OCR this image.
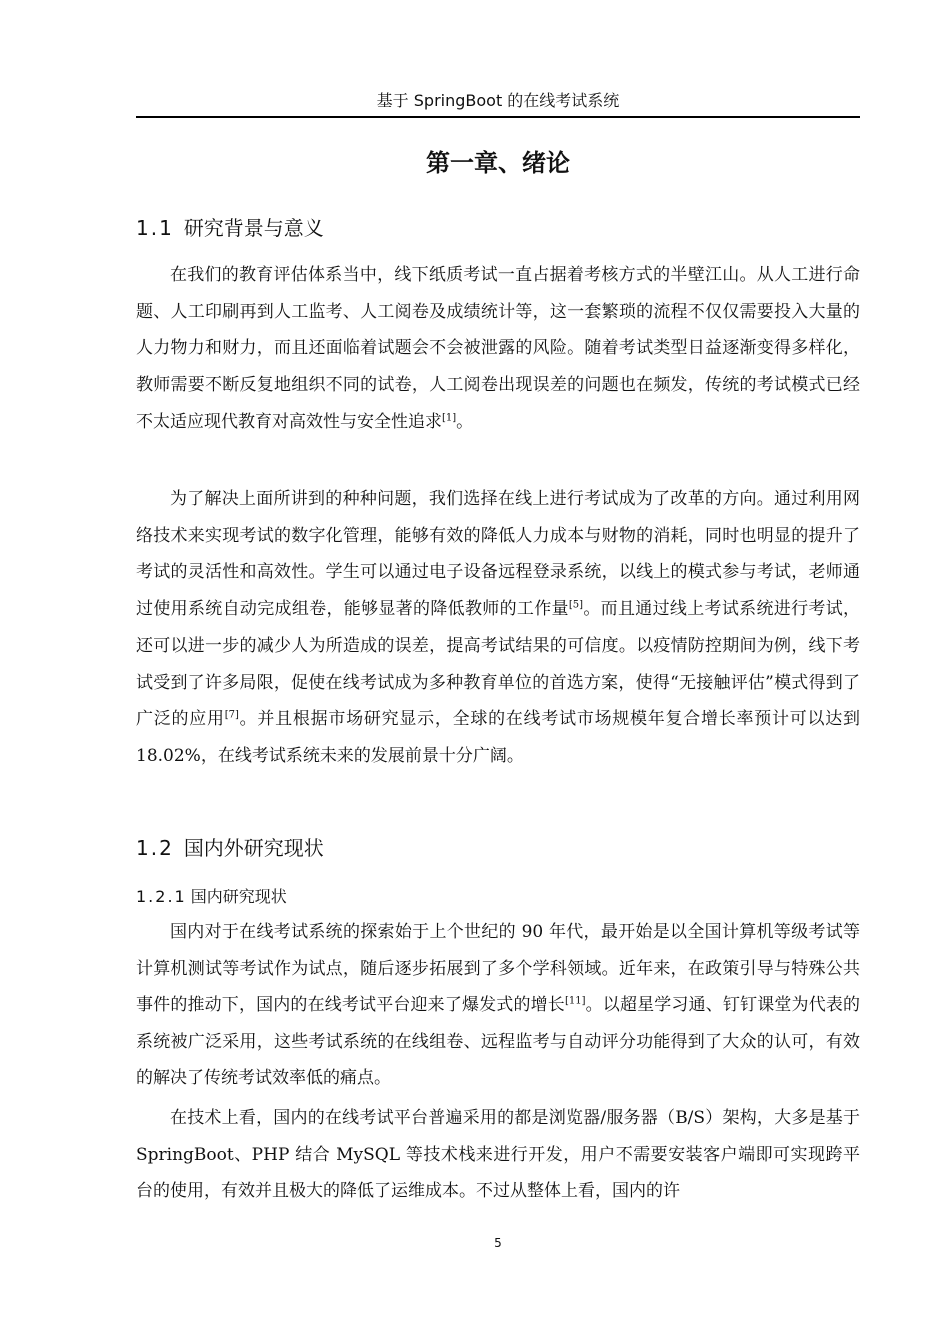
基于 SpringBoot 的在线考试系统
第一章、绪论
1.1 研究背景与意义

在我们的教育评估体系当中，线下纸质考试一直占据着考核方式的半壁江山。从人工进行命题、人工印刷再到人工监考、人工阅卷及成绩统计等，这一套繁琐的流程不仅仅需要投入大量的人力物力和财力，而且还面临着试题会不会被泄露的风险。随着考试类型日益逐渐变得多样化，教师需要不断反复地组织不同的试卷，人工阅卷出现误差的问题也在频发，传统的考试模式已经不太适应现代教育对高效性与安全性追求[1]。

为了解决上面所讲到的种种问题，我们选择在线上进行考试成为了改革的方向。通过利用网络技术来实现考试的数字化管理，能够有效的降低人力成本与财物的消耗，同时也明显的提升了考试的灵活性和高效性。学生可以通过电子设备远程登录系统，以线上的模式参与考试，老师通过使用系统自动完成组卷，能够显著的降低教师的工作量[5]。而且通过线上考试系统进行考试，还可以进一步的减少人为所造成的误差，提高考试结果的可信度。以疫情防控期间为例，线下考试受到了许多局限，促使在线考试成为多种教育单位的首选方案，使得“无接触评估”模式得到了广泛的应用[7]。并且根据市场研究显示，全球的在线考试市场规模年复合增长率预计可以达到 18.02%，在线考试系统未来的发展前景十分广阔。

1.2 国内外研究现状
1.2.1 国内研究现状

国内对于在线考试系统的探索始于上个世纪的 90 年代，最开始是以全国计算机等级考试等计算机测试等考试作为试点，随后逐步拓展到了多个学科领域。近年来，在政策引导与特殊公共事件的推动下，国内的在线考试平台迎来了爆发式的增长[11]。以超星学习通、钉钉课堂为代表的系统被广泛采用，这些考试系统的在线组卷、远程监考与自动评分功能得到了大众的认可，有效的解决了传统考试效率低的痛点。

在技术上看，国内的在线考试平台普遍采用的都是浏览器/服务器（B/S）架构，大多是基于 SpringBoot、PHP 结合 MySQL 等技术栈来进行开发，用户不需要安装客户端即可实现跨平台的使用，有效并且极大的降低了运维成本。不过从整体上看，国内的许

5
